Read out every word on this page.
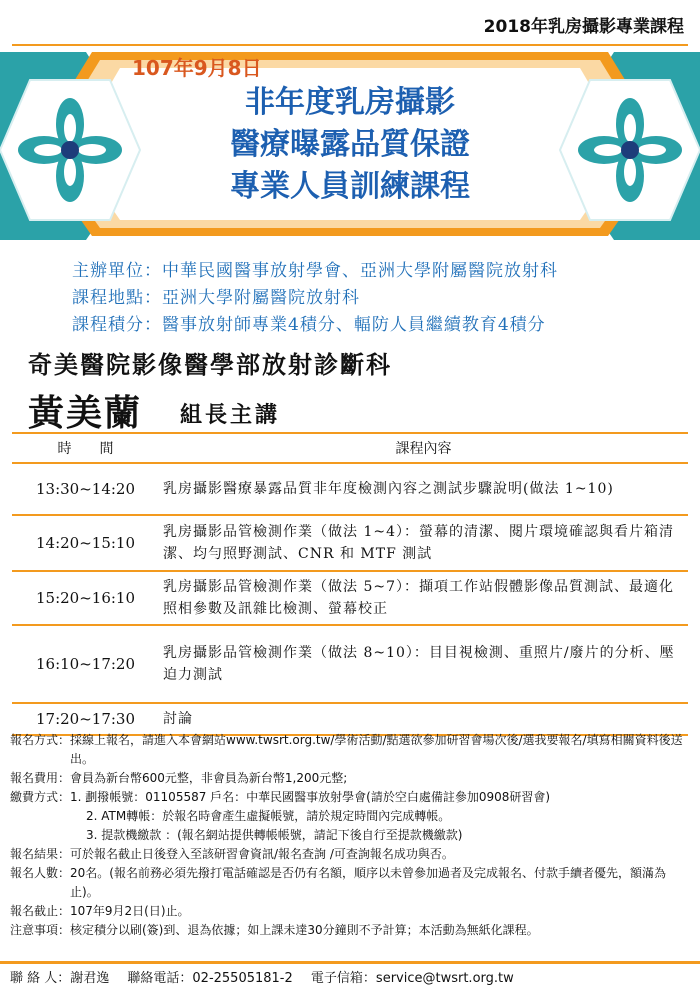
2018年乳房攝影專業課程
107年9月8日
非年度乳房攝影
醫療曝露品質保證
專業人員訓練課程
主辦單位：中華民國醫事放射學會、亞洲大學附屬醫院放射科
課程地點：亞洲大學附屬醫院放射科
課程積分：醫事放射師專業4積分、輻防人員繼續教育4積分
奇美醫院影像醫學部放射診斷科
黃美蘭 組長主講
時　　間	課程內容
13:30~14:20	乳房攝影醫療暴露品質非年度檢測內容之測試步驟說明(做法 1~10)
14:20~15:10	乳房攝影品管檢測作業（做法 1~4）：螢幕的清潔、閱片環境確認與看片箱清潔、均勻照野測試、CNR 和 MTF 測試
15:20~16:10	乳房攝影品管檢測作業（做法 5~7）：擷項工作站假體影像品質測試、最適化照相參數及訊雜比檢測、螢幕校正
16:10~17:20	乳房攝影品管檢測作業（做法 8~10）：目目視檢測、重照片/廢片的分析、壓迫力測試
17:20~17:30	討論
報名方式： 採線上報名，請進入本會網站www.twsrt.org.tw/學術活動/點選欲參加研習會場次後/選我要報名/填寫相關資料後送出。
報名費用：會員為新台幣600元整，非會員為新台幣1,200元整;
繳費方式： 1. 劃撥帳號：01105587 戶名：中華民國醫事放射學會(請於空白處備註參加0908研習會)
2. ATM轉帳：於報名時會產生虛擬帳號，請於規定時間內完成轉帳。
3. 提款機繳款 ：(報名網站提供轉帳帳號，請記下後自行至提款機繳款)
報名結果：可於報名截止日後登入至該研習會資訊/報名查詢 /可查詢報名成功與否。
報名人數： 20名。(報名前務必須先撥打電話確認是否仍有名額，順序以未曾參加過者及完成報名、付款手續者優先，額滿為止)。
報名截止：107年9月2日(日)止。
注意事項：核定積分以刷(簽)到、退為依據；如上課未達30分鐘則不予計算；本活動為無紙化課程。
聯 絡 人：謝君逸 聯絡電話：02-25505181-2 電子信箱：service@twsrt.org.tw
